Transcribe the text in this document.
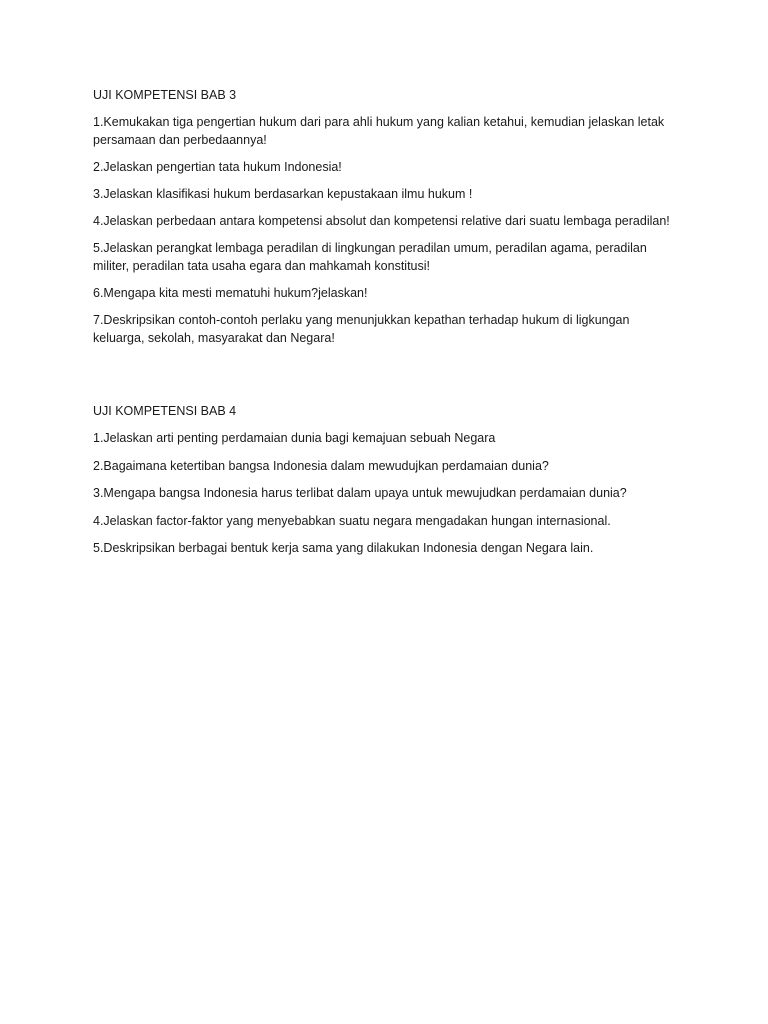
UJI KOMPETENSI BAB 3

1.Kemukakan tiga pengertian hukum dari para ahli hukum yang kalian ketahui, kemudian jelaskan letak persamaan dan perbedaannya!

2.Jelaskan pengertian tata hukum Indonesia!

3.Jelaskan klasifikasi hukum berdasarkan kepustakaan ilmu hukum !

4.Jelaskan perbedaan antara kompetensi absolut dan kompetensi relative dari suatu lembaga peradilan!

5.Jelaskan perangkat lembaga peradilan di lingkungan peradilan umum, peradilan agama, peradilan militer, peradilan tata usaha egara dan mahkamah konstitusi!

6.Mengapa kita mesti mematuhi hukum?jelaskan!

7.Deskripsikan contoh-contoh perlaku yang menunjukkan kepathan terhadap hukum di ligkungan keluarga, sekolah, masyarakat dan Negara!

UJI KOMPETENSI BAB 4

1.Jelaskan arti penting perdamaian dunia bagi kemajuan sebuah Negara

2.Bagaimana ketertiban bangsa Indonesia dalam mewudujkan perdamaian dunia?

3.Mengapa bangsa Indonesia harus terlibat dalam upaya untuk mewujudkan perdamaian dunia?

4.Jelaskan factor-faktor yang menyebabkan suatu negara mengadakan hungan internasional.

5.Deskripsikan berbagai bentuk kerja sama yang dilakukan Indonesia dengan Negara lain.
